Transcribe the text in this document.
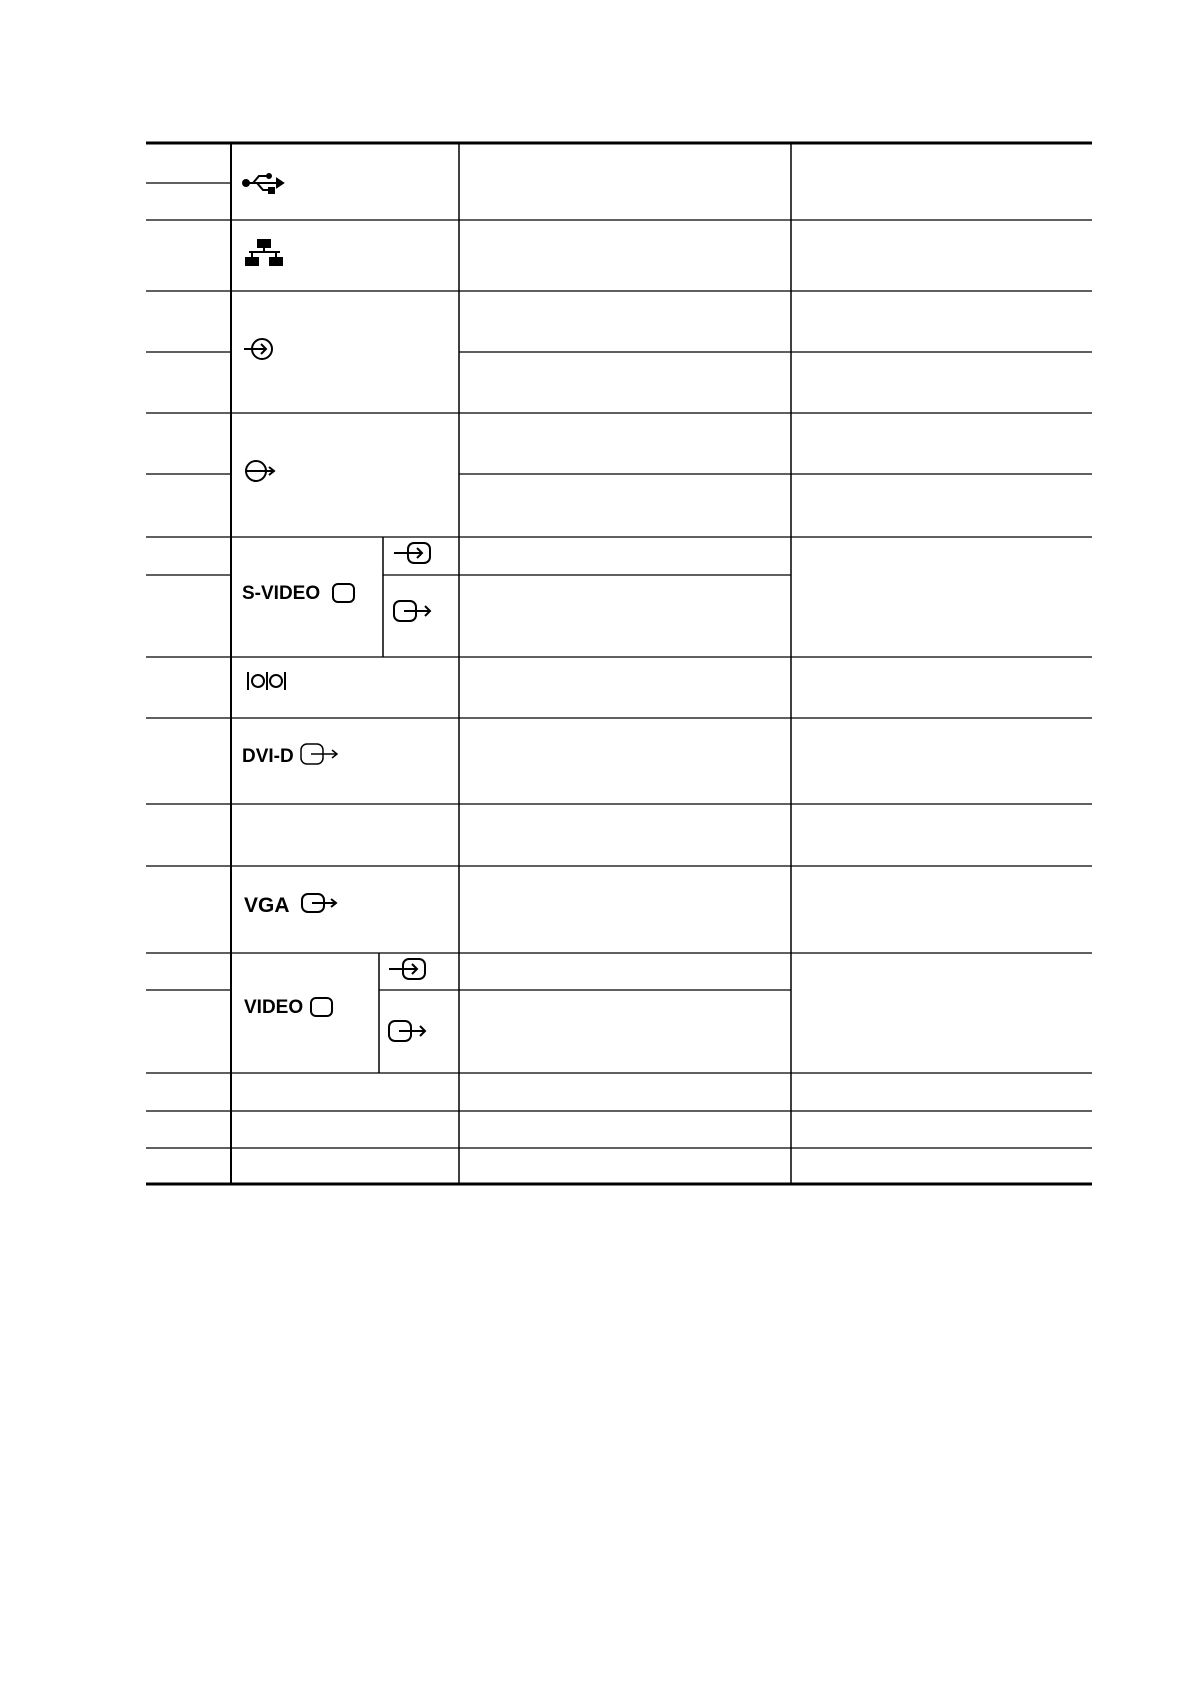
S-VIDEO
DVI-D
VGA
VIDEO
